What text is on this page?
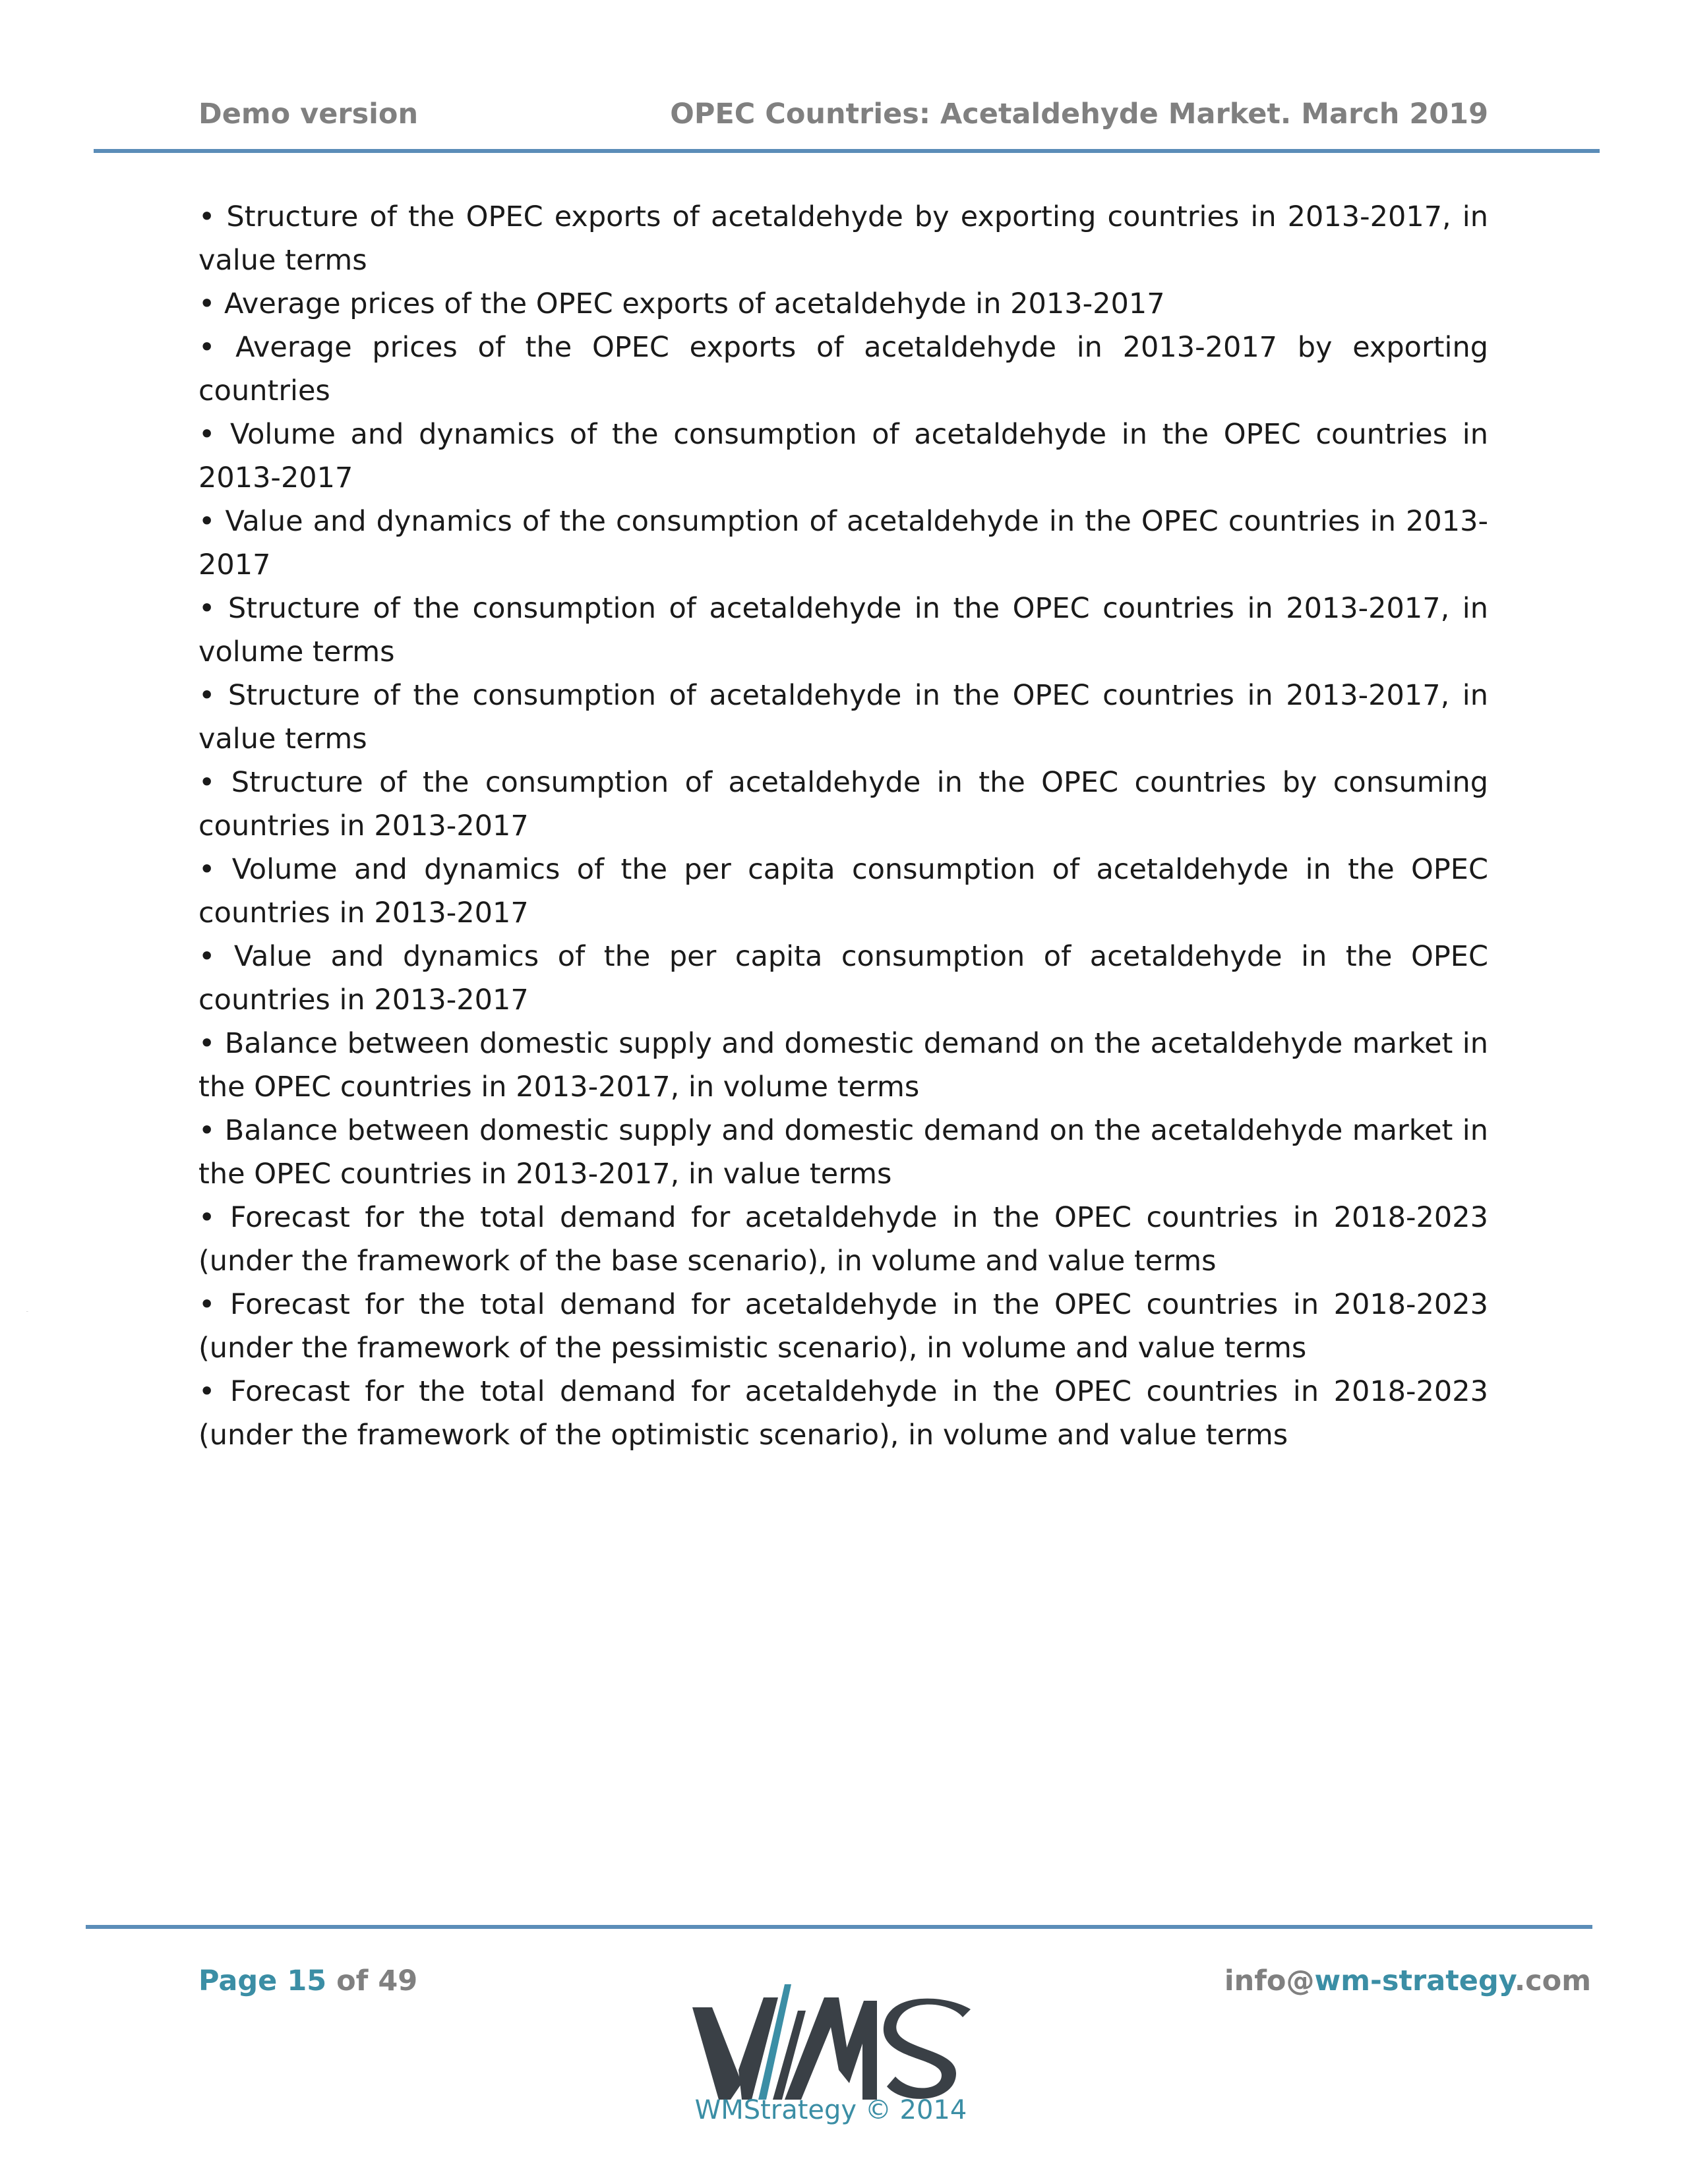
Demo version	OPEC Countries: Acetaldehyde Market. March 2019
• Structure of the OPEC exports of acetaldehyde by exporting countries in 2013-2017, in value terms
• Average prices of the OPEC exports of acetaldehyde in 2013-2017
• Average prices of the OPEC exports of acetaldehyde in 2013-2017 by exporting countries
• Volume and dynamics of the consumption of acetaldehyde in the OPEC countries in 2013-2017
• Value and dynamics of the consumption of acetaldehyde in the OPEC countries in 2013-2017
• Structure of the consumption of acetaldehyde in the OPEC countries in 2013-2017, in volume terms
• Structure of the consumption of acetaldehyde in the OPEC countries in 2013-2017, in value terms
• Structure of the consumption of acetaldehyde in the OPEC countries by consuming countries in 2013-2017
• Volume and dynamics of the per capita consumption of acetaldehyde in the OPEC countries in 2013-2017
• Value and dynamics of the per capita consumption of acetaldehyde in the OPEC countries in 2013-2017
• Balance between domestic supply and domestic demand on the acetaldehyde market in the OPEC countries in 2013-2017, in volume terms
• Balance between domestic supply and domestic demand on the acetaldehyde market in the OPEC countries in 2013-2017, in value terms
• Forecast for the total demand for acetaldehyde in the OPEC countries in 2018-2023 (under the framework of the base scenario), in volume and value terms
• Forecast for the total demand for acetaldehyde in the OPEC countries in 2018-2023 (under the framework of the pessimistic scenario), in volume and value terms
• Forecast for the total demand for acetaldehyde in the OPEC countries in 2018-2023 (under the framework of the optimistic scenario), in volume and value terms
Page 15 of 49	info@wm-strategy.com
WMS
WMStrategy © 2014
